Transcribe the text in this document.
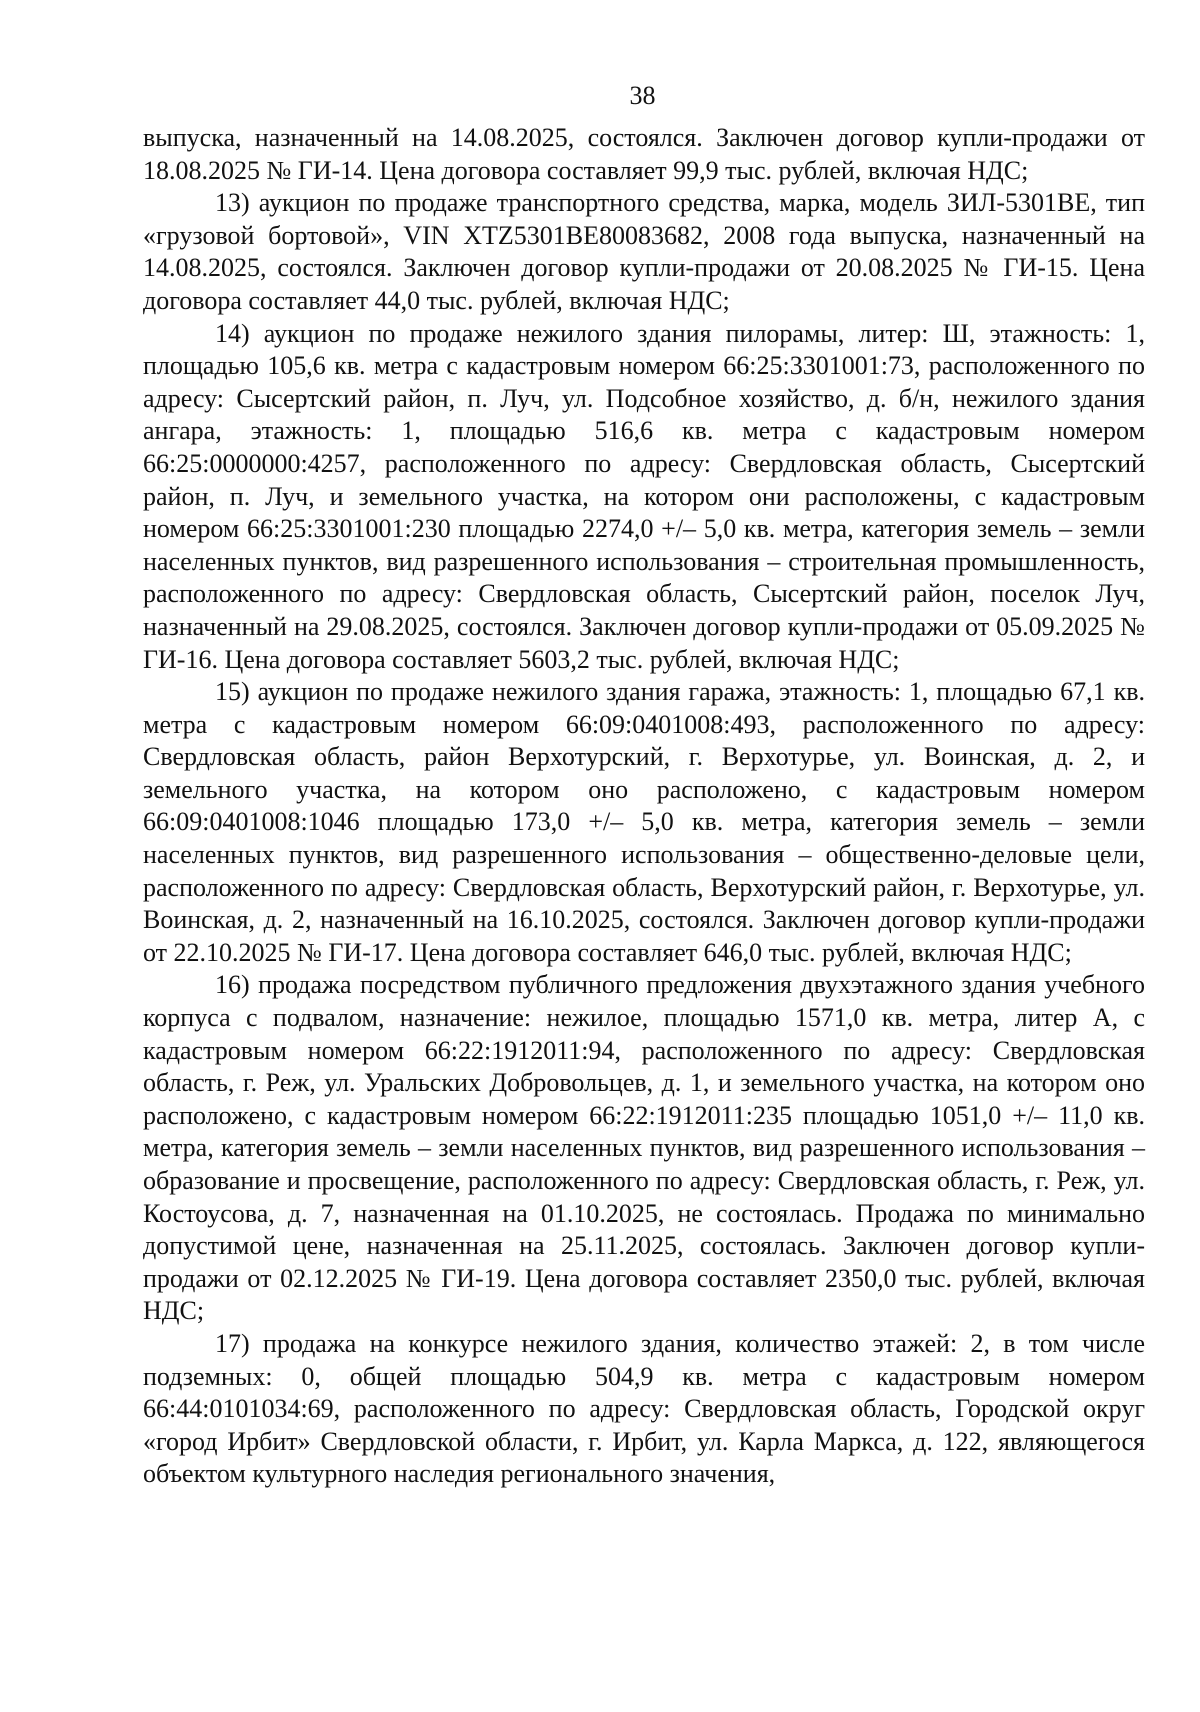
38

выпуска, назначенный на 14.08.2025, состоялся. Заключен договор купли-продажи от 18.08.2025 № ГИ-14. Цена договора составляет 99,9 тыс. рублей, включая НДС;

13) аукцион по продаже транспортного средства, марка, модель ЗИЛ-5301ВЕ, тип «грузовой бортовой», VIN XTZ5301BE80083682, 2008 года выпуска, назначенный на 14.08.2025, состоялся. Заключен договор купли-продажи от 20.08.2025 № ГИ-15. Цена договора составляет 44,0 тыс. рублей, включая НДС;

14) аукцион по продаже нежилого здания пилорамы, литер: Ш, этажность: 1, площадью 105,6 кв. метра с кадастровым номером 66:25:3301001:73, расположенного по адресу: Сысертский район, п. Луч, ул. Подсобное хозяйство, д. б/н, нежилого здания ангара, этажность: 1, площадью 516,6 кв. метра с кадастровым номером 66:25:0000000:4257, расположенного по адресу: Свердловская область, Сысертский район, п. Луч, и земельного участка, на котором они расположены, с кадастровым номером 66:25:3301001:230 площадью 2274,0 +/– 5,0 кв. метра, категория земель – земли населенных пунктов, вид разрешенного использования – строительная промышленность, расположенного по адресу: Свердловская область, Сысертский район, поселок Луч, назначенный на 29.08.2025, состоялся. Заключен договор купли-продажи от 05.09.2025 № ГИ-16. Цена договора составляет 5603,2 тыс. рублей, включая НДС;

15) аукцион по продаже нежилого здания гаража, этажность: 1, площадью 67,1 кв. метра с кадастровым номером 66:09:0401008:493, расположенного по адресу: Свердловская область, район Верхотурский, г. Верхотурье, ул. Воинская, д. 2, и земельного участка, на котором оно расположено, с кадастровым номером 66:09:0401008:1046 площадью 173,0 +/– 5,0 кв. метра, категория земель – земли населенных пунктов, вид разрешенного использования – общественно-деловые цели, расположенного по адресу: Свердловская область, Верхотурский район, г. Верхотурье, ул. Воинская, д. 2, назначенный на 16.10.2025, состоялся. Заключен договор купли-продажи от 22.10.2025 № ГИ-17. Цена договора составляет 646,0 тыс. рублей, включая НДС;

16) продажа посредством публичного предложения двухэтажного здания учебного корпуса с подвалом, назначение: нежилое, площадью 1571,0 кв. метра, литер А, с кадастровым номером 66:22:1912011:94, расположенного по адресу: Свердловская область, г. Реж, ул. Уральских Добровольцев, д. 1, и земельного участка, на котором оно расположено, с кадастровым номером 66:22:1912011:235 площадью 1051,0 +/– 11,0 кв. метра, категория земель – земли населенных пунктов, вид разрешенного использования – образование и просвещение, расположенного по адресу: Свердловская область, г. Реж, ул. Костоусова, д. 7, назначенная на 01.10.2025, не состоялась. Продажа по минимально допустимой цене, назначенная на 25.11.2025, состоялась. Заключен договор купли-продажи от 02.12.2025 № ГИ-19. Цена договора составляет 2350,0 тыс. рублей, включая НДС;

17) продажа на конкурсе нежилого здания, количество этажей: 2, в том числе подземных: 0, общей площадью 504,9 кв. метра с кадастровым номером 66:44:0101034:69, расположенного по адресу: Свердловская область, Городской округ «город Ирбит» Свердловской области, г. Ирбит, ул. Карла Маркса, д. 122, являющегося объектом культурного наследия регионального значения,
